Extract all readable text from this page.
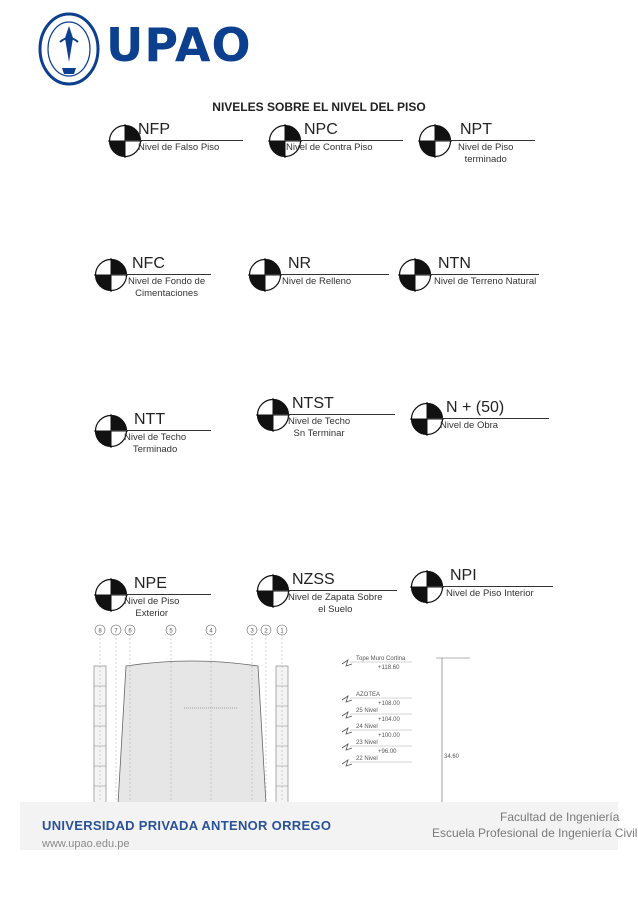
UPAO
NIVELES SOBRE EL NIVEL DEL PISO
NFP
Nivel de Falso Piso
NPC
Nivel de Contra Piso
NPT
Nivel de Piso
terminado
NFC
Nivel de Fondo de
Cimentaciones
NR
Nivel de Relleno
NTN
Nivel de Terreno Natural
NTT
Nivel de Techo
Terminado
NTST
Nivel de Techo
Sn Terminar
N + (50)
Nivel de Obra
NPE
Nivel de Piso
Exterior
NZSS
Nivel de Zapata Sobre
el Suelo
NPI
Nivel de Piso Interior
8 7 6	5	4	3 2 1
Tope Muro Cortina
+118.60
AZOTEA
+108.00
25 Nivel
+104.00
24 Nivel
+100.00
23 Nivel
+96.00
22 Nivel	34.60
UNIVERSIDAD PRIVADA ANTENOR ORREGO
www.upao.edu.pe
Facultad de Ingeniería
Escuela Profesional de Ingeniería Civil
